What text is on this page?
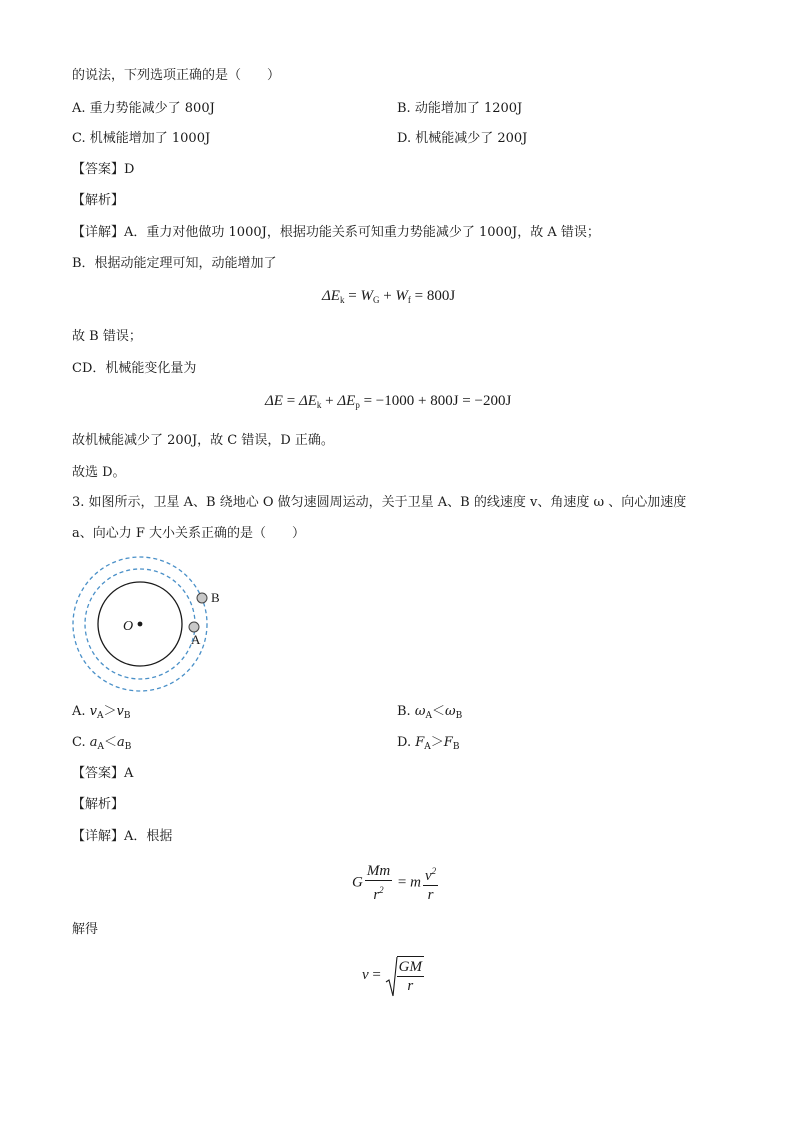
的说法，下列选项正确的是（　　）
A. 重力势能减少了 800J	B. 动能增加了 1200J
C. 机械能增加了 1000J	D. 机械能减少了 200J
【答案】D
【解析】
【详解】A．重力对他做功 1000J，根据功能关系可知重力势能减少了 1000J，故 A 错误；
B．根据动能定理可知，动能增加了
$\Delta E_k = W_G + W_f = 800J$
故 B 错误；
CD．机械能变化量为
$\Delta E = \Delta E_k + \Delta E_p = -1000 + 800J = -200J$
故机械能减少了 200J，故 C 错误，D 正确。
故选 D。
3. 如图所示，卫星 A、B 绕地心 O 做匀速圆周运动，关于卫星 A、B 的线速度 v、角速度 ω 、向心加速度
a、向心力 F 大小关系正确的是（　　）
O
A
B
A. $v_A>v_B$	B. $\omega_A<\omega_B$
C. $a_A<a_B$	D. $F_A>F_B$
【答案】A
【解析】
【详解】A．根据
G $\frac{Mm}{r^2} = m \frac{v^2}{r}$
解得
$v = \frac{GM}{r}$
